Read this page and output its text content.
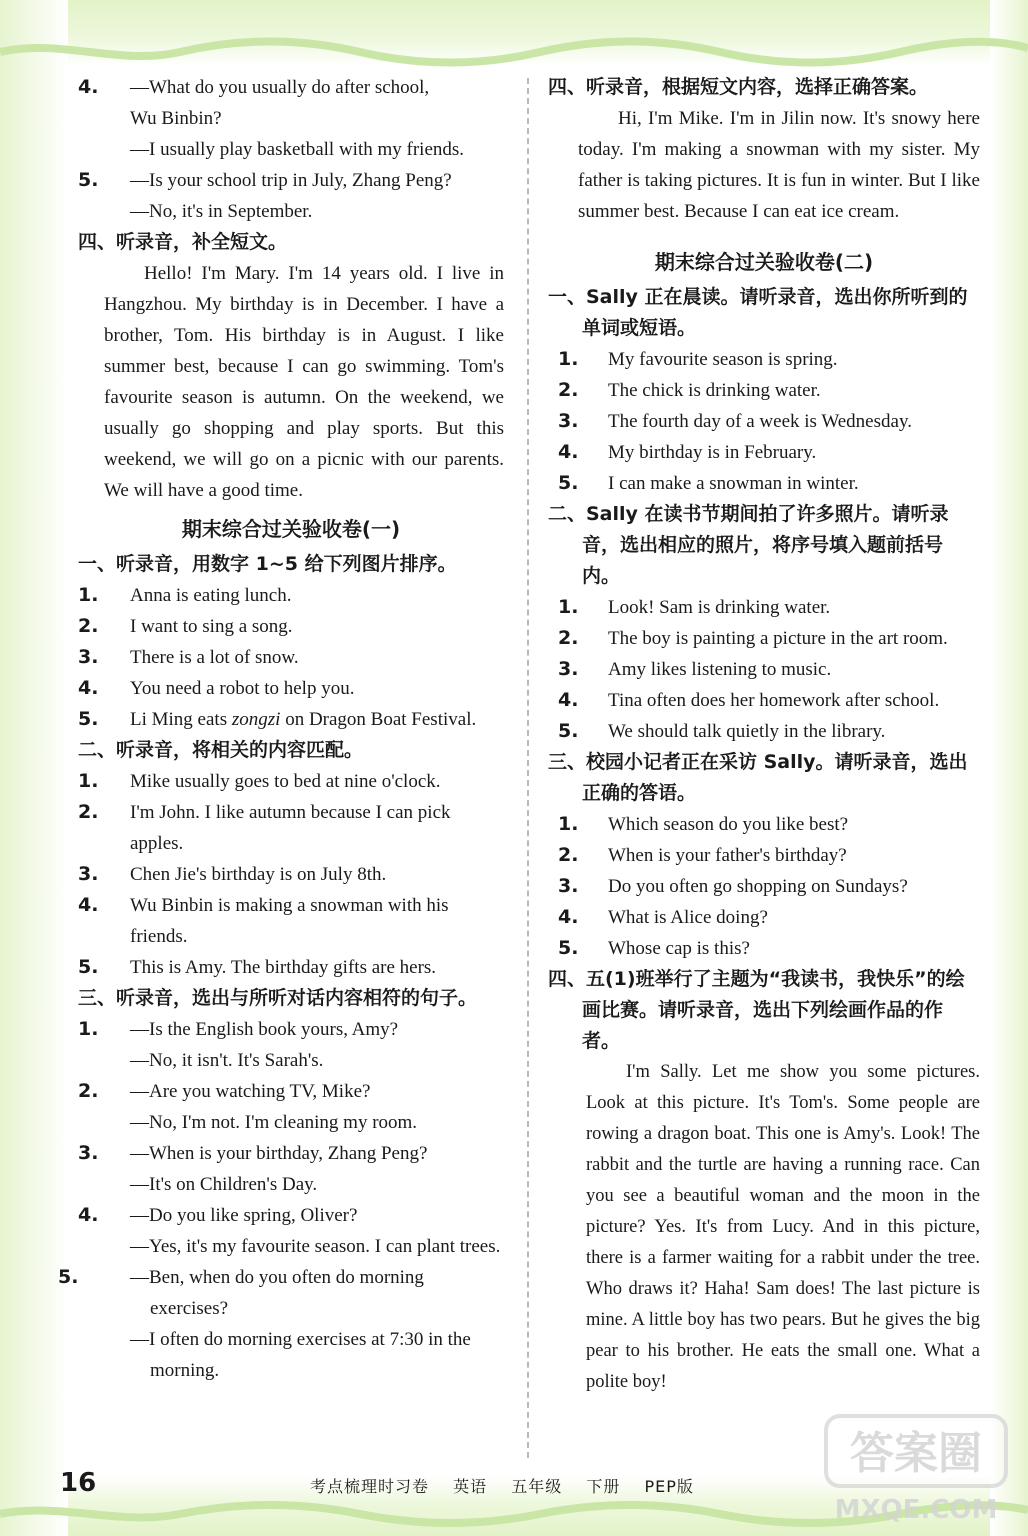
4. —What do you usually do after school,

Wu Binbin?

—I usually play basketball with my friends.

5. —Is your school trip in July, Zhang Peng?

—No, it's in September.

四、听录音，补全短文。

Hello! I'm Mary. I'm 14 years old. I live in Hangzhou. My birthday is in December. I have a brother, Tom. His birthday is in August. I like summer best, because I can go swimming. Tom's favourite season is autumn. On the weekend, we usually go shopping and play sports. But this weekend, we will go on a picnic with our parents. We will have a good time.

期末综合过关验收卷(一)

一、听录音，用数字 1~5 给下列图片排序。

1. Anna is eating lunch.

2. I want to sing a song.

3. There is a lot of snow.

4. You need a robot to help you.

5. Li Ming eats zongzi on Dragon Boat Festival.

二、听录音，将相关的内容匹配。

1. Mike usually goes to bed at nine o'clock.

2. I'm John. I like autumn because I can pick apples.

3. Chen Jie's birthday is on July 8th.

4. Wu Binbin is making a snowman with his friends.

5. This is Amy. The birthday gifts are hers.

三、听录音，选出与所听对话内容相符的句子。

1. —Is the English book yours, Amy?

—No, it isn't. It's Sarah's.

2. —Are you watching TV, Mike?

—No, I'm not. I'm cleaning my room.

3. —When is your birthday, Zhang Peng?

—It's on Children's Day.

4. —Do you like spring, Oliver?

—Yes, it's my favourite season. I can plant trees.

5.	—Ben, when do you often do morning exercises?

—I often do morning exercises at 7:30 in the morning.

四、听录音，根据短文内容，选择正确答案。

Hi, I'm Mike. I'm in Jilin now. It's snowy here today. I'm making a snowman with my sister. My father is taking pictures. It is fun in winter. But I like summer best. Because I can eat ice cream.

期末综合过关验收卷(二)

一、Sally 正在晨读。请听录音，选出你所听到的单词或短语。

1. My favourite season is spring.

2. The chick is drinking water.

3. The fourth day of a week is Wednesday.

4. My birthday is in February.

5. I can make a snowman in winter.

二、Sally 在读书节期间拍了许多照片。请听录音，选出相应的照片，将序号填入题前括号内。

1. Look! Sam is drinking water.

2. The boy is painting a picture in the art room.

3. Amy likes listening to music.

4. Tina often does her homework after school.

5. We should talk quietly in the library.

三、校园小记者正在采访 Sally。请听录音，选出正确的答语。

1. Which season do you like best?

2. When is your father's birthday?

3. Do you often go shopping on Sundays?

4. What is Alice doing?

5. Whose cap is this?

四、五(1)班举行了主题为“我读书，我快乐”的绘画比赛。请听录音，选出下列绘画作品的作者。

I'm Sally. Let me show you some pictures. Look at this picture. It's Tom's. Some people are rowing a dragon boat. This one is Amy's. Look! The rabbit and the turtle are having a running race. Can you see a beautiful woman and the moon in the picture? Yes. It's from Lucy. And in this picture, there is a farmer waiting for a rabbit under the tree. Who draws it? Haha! Sam does! The last picture is mine. A little boy has two pears. But he gives the big pear to his brother. He eats the small one. What a polite boy!

16	考点梳理时习卷 英语 五年级 下册 PEP版
答案圈
MXQE.COM
